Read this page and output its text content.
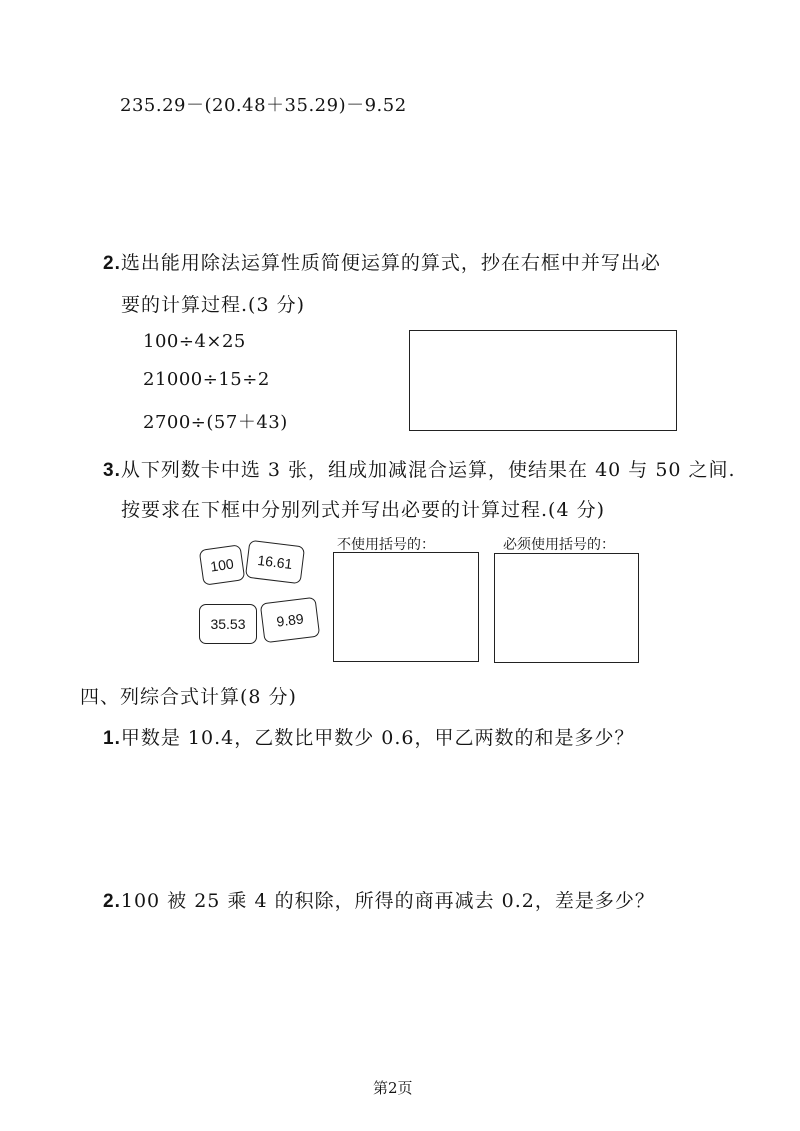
235.29－(20.48＋35.29)－9.52
2.选出能用除法运算性质简便运算的算式，抄在右框中并写出必
要的计算过程.(3 分)
100÷4×25
21000÷15÷2
2700÷(57＋43)
3.从下列数卡中选 3 张，组成加减混合运算，使结果在 40 与 50 之间.
按要求在下框中分别列式并写出必要的计算过程.(4 分)
100 16.61
35.53 9.89
不使用括号的：	必须使用括号的：
四、列综合式计算(8 分)
1.甲数是 10.4，乙数比甲数少 0.6，甲乙两数的和是多少？
2.100 被 25 乘 4 的积除，所得的商再减去 0.2，差是多少？
第2页
